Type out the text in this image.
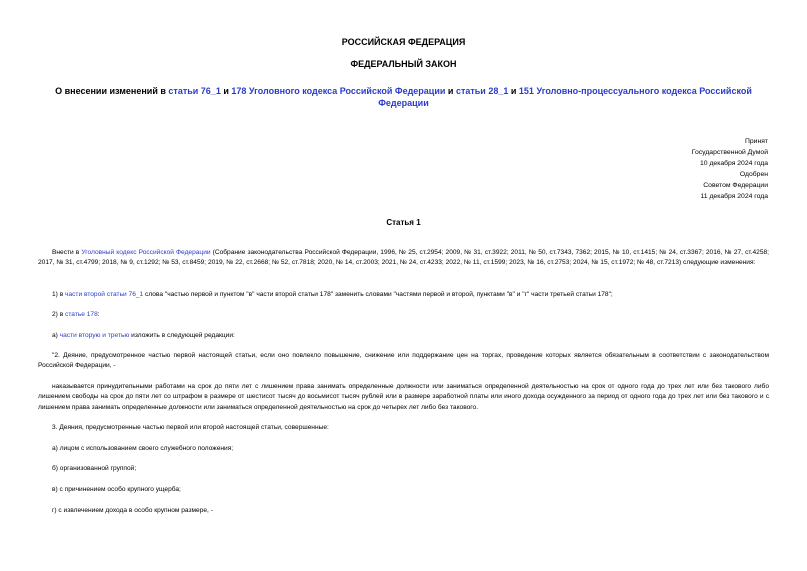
РОССИЙСКАЯ ФЕДЕРАЦИЯ
ФЕДЕРАЛЬНЫЙ ЗАКОН
О внесении изменений в статьи 76_1 и 178 Уголовного кодекса Российской Федерации и статьи 28_1 и 151 Уголовно-процессуального кодекса Российской Федерации
Принят
Государственной Думой
10 декабря 2024 года
Одобрен
Советом Федерации
11 декабря 2024 года
Статья 1
Внести в Уголовный кодекс Российской Федерации (Собрание законодательства Российской Федерации, 1996, № 25, ст.2954; 2009, № 31, ст.3922; 2011, № 50, ст.7343, 7362; 2015, № 10, ст.1415; № 24, ст.3367; 2016, № 27, ст.4258; 2017, № 31, ст.4799; 2018, № 9, ст.1292; № 53, ст.8459; 2019, № 22, ст.2668; № 52, ст.7818; 2020, № 14, ст.2003; 2021, № 24, ст.4233; 2022, № 11, ст.1599; 2023, № 16, ст.2753; 2024, № 15, ст.1972; № 48, ст.7213) следующие изменения:
1) в части второй статьи 76_1 слова "частью первой и пунктом "в" части второй статьи 178" заменить словами "частями первой и второй, пунктами "в" и "г" части третьей статьи 178";
2) в статье 178:
а) части вторую и третью изложить в следующей редакции:
"2. Деяние, предусмотренное частью первой настоящей статьи, если оно повлекло повышение, снижение или поддержание цен на торгах, проведение которых является обязательным в соответствии с законодательством Российской Федерации, -
наказывается принудительными работами на срок до пяти лет с лишением права занимать определенные должности или заниматься определенной деятельностью на срок от одного года до трех лет или без такового либо лишением свободы на срок до пяти лет со штрафом в размере от шестисот тысяч до восьмисот тысяч рублей или в размере заработной платы или иного дохода осужденного за период от одного года до трех лет или без такового и с лишением права занимать определенные должности или заниматься определенной деятельностью на срок до четырех лет либо без такового.
3. Деяния, предусмотренные частью первой или второй настоящей статьи, совершенные:
а) лицом с использованием своего служебного положения;
б) организованной группой;
в) с причинением особо крупного ущерба;
г) с извлечением дохода в особо крупном размере, -
